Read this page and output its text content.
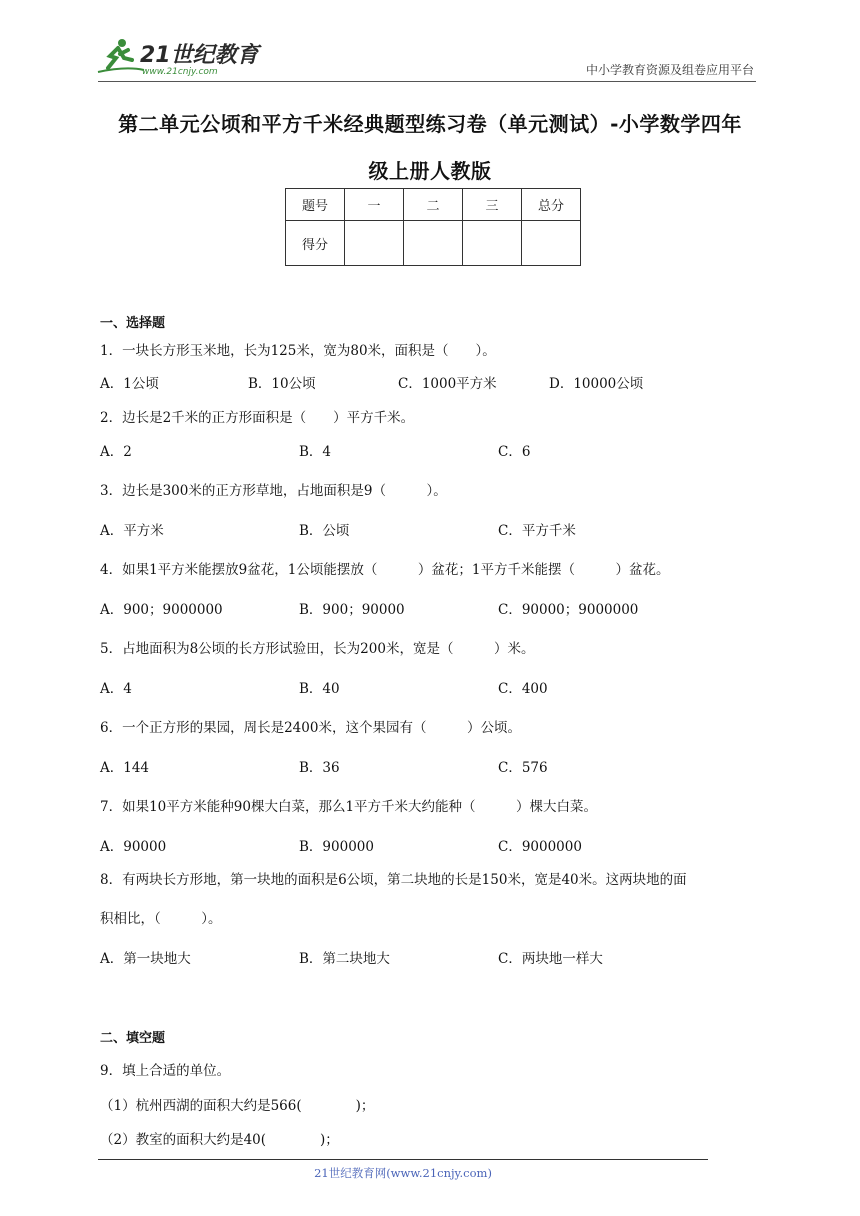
21世纪教育
www.21cnjy.com	中小学教育资源及组卷应用平台
第二单元公顷和平方千米经典题型练习卷（单元测试）-小学数学四年
级上册人教版
题号	一	二	三	总分
得分				
一、选择题
1．一块长方形玉米地，长为125米，宽为80米，面积是（　　）。
A．1公顷	B．10公顷	C．1000平方米	D．10000公顷
2．边长是2千米的正方形面积是（　　）平方千米。
A．2	B．4	C．6
3．边长是300米的正方形草地，占地面积是9（　　　）。
A．平方米	B．公顷	C．平方千米
4．如果1平方米能摆放9盆花，1公顷能摆放（　　　）盆花；1平方千米能摆（　　　）盆花。
A．900；9000000	B．900；90000	C．90000；9000000
5．占地面积为8公顷的长方形试验田，长为200米，宽是（　　　）米。
A．4	B．40	C．400
6．一个正方形的果园，周长是2400米，这个果园有（　　　）公顷。
A．144	B．36	C．576
7．如果10平方米能种90棵大白菜，那么1平方千米大约能种（　　　）棵大白菜。
A．90000	B．900000	C．9000000
8．有两块长方形地，第一块地的面积是6公顷，第二块地的长是150米，宽是40米。这两块地的面
积相比，（　　　）。
A．第一块地大	B．第二块地大	C．两块地一样大
二、填空题
9．填上合适的单位。
（1）杭州西湖的面积大约是566(　　　　)；
（2）教室的面积大约是40(　　　　)；
21世纪教育网(www.21cnjy.com)
